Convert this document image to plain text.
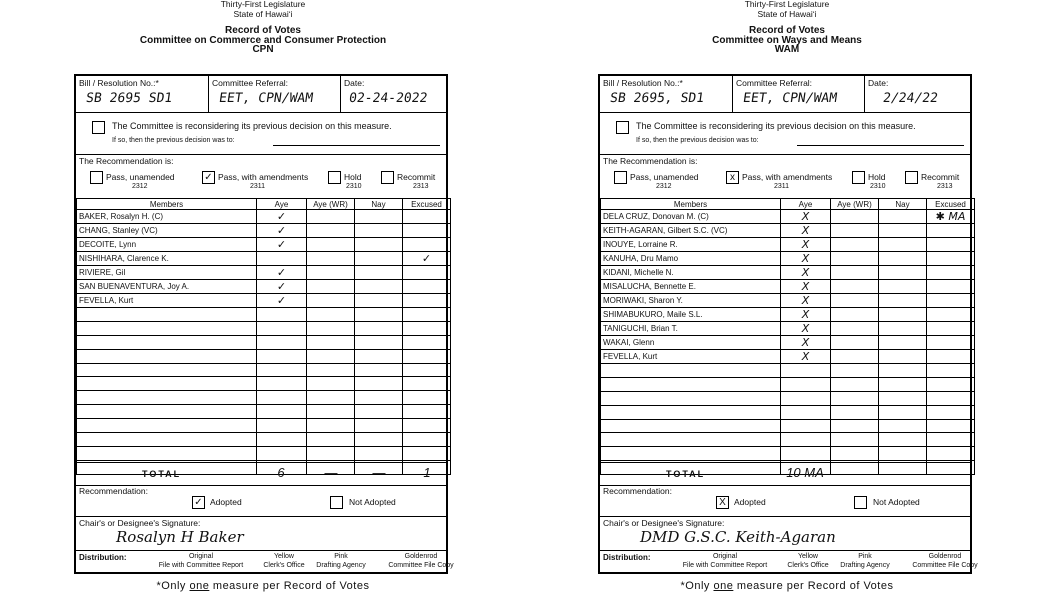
Thirty-First Legislature
State of Hawaiʻi
Record of Votes
Committee on Commerce and Consumer Protection
CPN
Bill / Resolution No.:*
SB 2695 SD1
Committee Referral:
EET, CPN/WAM
Date:
02-24-2022
The Committee is reconsidering its previous decision on this measure.
If so, then the previous decision was to:
The Recommendation is:
Pass, unamended
2312
✓ Pass, with amendments
2311
Hold
2310
Recommit
2313
Members	Aye	Aye (WR)	Nay	Excused
BAKER, Rosalyn H. (C)	✓			
CHANG, Stanley (VC)	✓			
DECOITE, Lynn	✓			
NISHIHARA, Clarence K.				✓
RIVIERE, Gil	✓			
SAN BUENAVENTURA, Joy A.	✓			
FEVELLA, Kurt	✓			

TOTAL	6	—	—	1
Recommendation:
✓ Adopted	Not Adopted
Chair's or Designee's Signature:
Rosalyn H Baker
Distribution:	Original
File with Committee Report
Yellow
Clerk's Office
Pink
Drafting Agency
Goldenrod
Committee File Copy
*Only one measure per Record of Votes
Thirty-First Legislature
State of Hawaiʻi
Record of Votes
Committee on Ways and Means
WAM
Bill / Resolution No.:*
SB 2695, SD1
Committee Referral:
EET, CPN/WAM
Date:
2/24/22
The Committee is reconsidering its previous decision on this measure.
If so, then the previous decision was to:
The Recommendation is:
Pass, unamended
2312
x Pass, with amendments
2311
Hold
2310
Recommit
2313
Members	Aye	Aye (WR)	Nay	Excused
DELA CRUZ, Donovan M. (C)	X			✱ MA
KEITH-AGARAN, Gilbert S.C. (VC)	X			
INOUYE, Lorraine R.	X			
KANUHA, Dru Mamo	X			
KIDANI, Michelle N.	X			
MISALUCHA, Bennette E.	X			
MORIWAKI, Sharon Y.	X			
SHIMABUKURO, Maile S.L.	X			
TANIGUCHI, Brian T.	X			
WAKAI, Glenn	X			
FEVELLA, Kurt	X			

TOTAL	10 MA
Recommendation:
X Adopted	Not Adopted
Chair's or Designee's Signature:
DMD G.S.C. Keith-Agaran
Distribution:	Original
File with Committee Report
Yellow
Clerk's Office
Pink
Drafting Agency
Goldenrod
Committee File Copy
*Only one measure per Record of Votes
